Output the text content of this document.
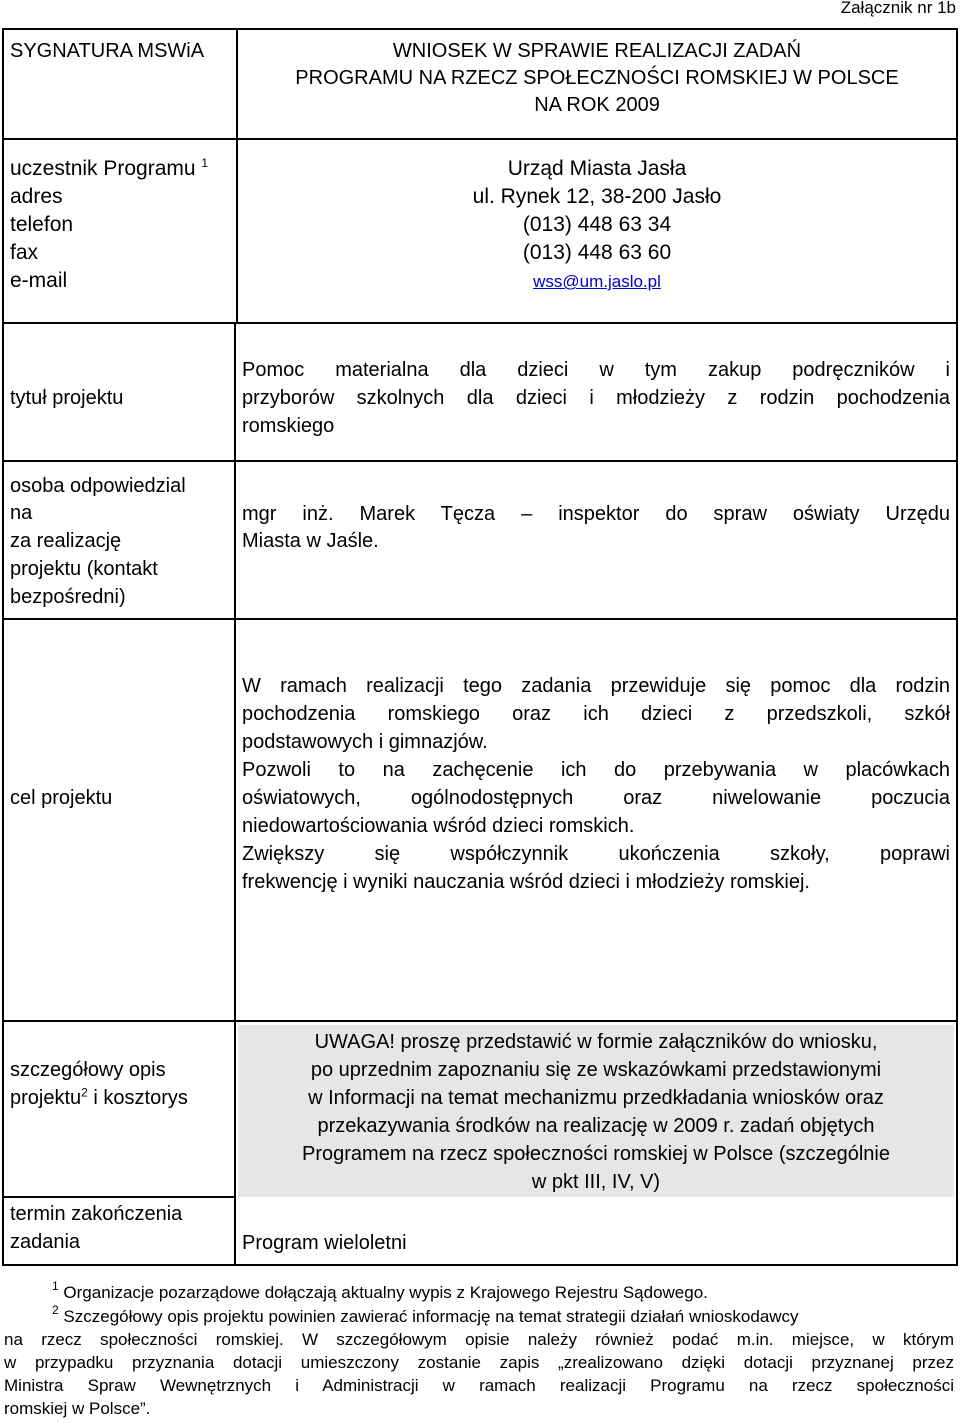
Załącznik nr 1b
SYGNATURA MSWiA	WNIOSEK W SPRAWIE REALIZACJI ZADAŃ
PROGRAMU NA RZECZ SPOŁECZNOŚCI ROMSKIEJ W POLSCE
NA ROK 2009
uczestnik Programu $^1$
adres
telefon
fax
e-mail
Urząd Miasta Jasła
ul. Rynek 12, 38-200 Jasło
(013) 448 63 34
(013) 448 63 60
wss@um.jaslo.pl
tytuł projektu
Pomoc materialna dla dzieci w tym zakup podręczników i
przyborów szkolnych dla dzieci i młodzieży z rodzin pochodzenia
romskiego
osoba odpowiedzial
na
za realizację
projektu (kontakt
bezpośredni)
mgr inż. Marek Tęcza – inspektor do spraw oświaty Urzędu
Miasta w Jaśle.
cel projektu
W ramach realizacji tego zadania przewiduje się pomoc dla rodzin
pochodzenia romskiego oraz ich dzieci z przedszkoli, szkół
podstawowych i gimnazjów.
Pozwoli to na zachęcenie ich do przebywania w placówkach
oświatowych, ogólnodostępnych oraz niwelowanie poczucia
niedowartościowania wśród dzieci romskich.
Zwiększy się współczynnik ukończenia szkoły, poprawi
frekwencję i wyniki nauczania wśród dzieci i młodzieży romskiej.
szczegółowy opis
projektu$^2$ i kosztorys
UWAGA! proszę przedstawić w formie załączników do wniosku,
po uprzednim zapoznaniu się ze wskazówkami przedstawionymi
w Informacji na temat mechanizmu przedkładania wniosków oraz
przekazywania środków na realizację w 2009 r. zadań objętych
Programem na rzecz społeczności romskiej w Polsce (szczególnie
w pkt III, IV, V)
termin zakończenia
zadania	Program wieloletni
$^1$ Organizacje pozarządowe dołączają aktualny wypis z Krajowego Rejestru Sądowego.
$^2$ Szczegółowy opis projektu powinien zawierać informację na temat strategii działań wnioskodawcy
na rzecz społeczności romskiej. W szczegółowym opisie należy również podać m.in. miejsce, w którym
w przypadku przyznania dotacji umieszczony zostanie zapis „zrealizowano dzięki dotacji przyznanej przez
Ministra Spraw Wewnętrznych i Administracji w ramach realizacji Programu na rzecz społeczności
romskiej w Polsce”.
